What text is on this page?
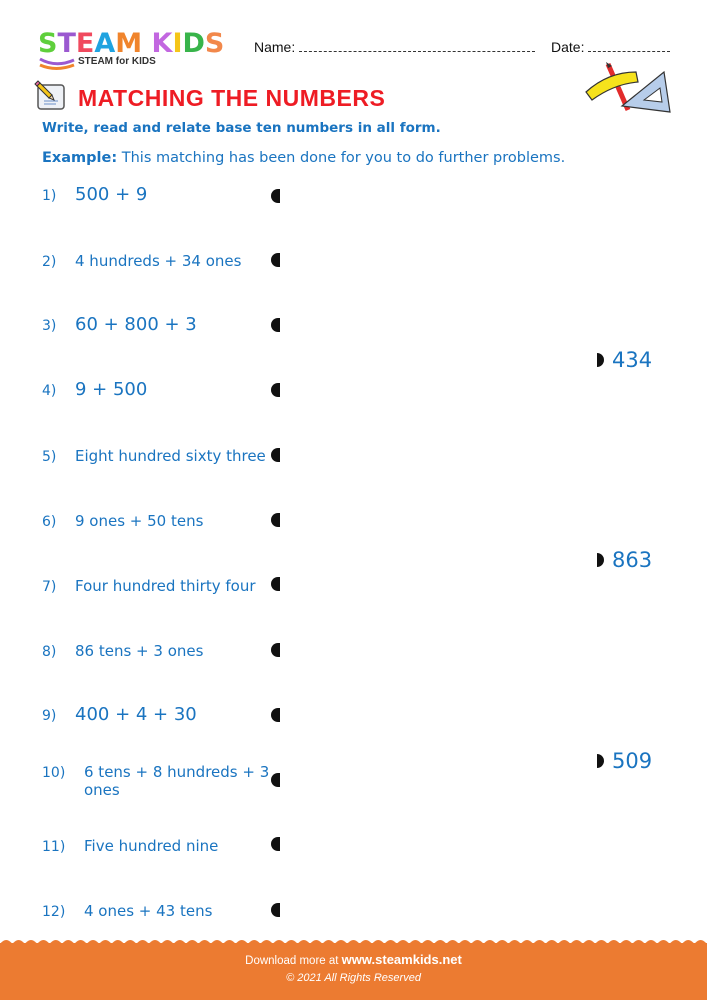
STEAM KIDS
STEAM for KIDS
Name:	Date:
MATCHING THE NUMBERS
Write, read and relate base ten numbers in all form.
Example: This matching has been done for you to do further problems.
1) 500 + 9
2) 4 hundreds + 34 ones
3) 60 + 800 + 3
4) 9 + 500
5) Eight hundred sixty three
6) 9 ones + 50 tens
7) Four hundred thirty four
8) 86 tens + 3 ones
9) 400 + 4 + 30
10) 6 tens + 8 hundreds + 3
ones
11) Five hundred nine
12) 4 ones + 43 tens
434
863
509
Download more at www.steamkids.net
© 2021 All Rights Reserved
